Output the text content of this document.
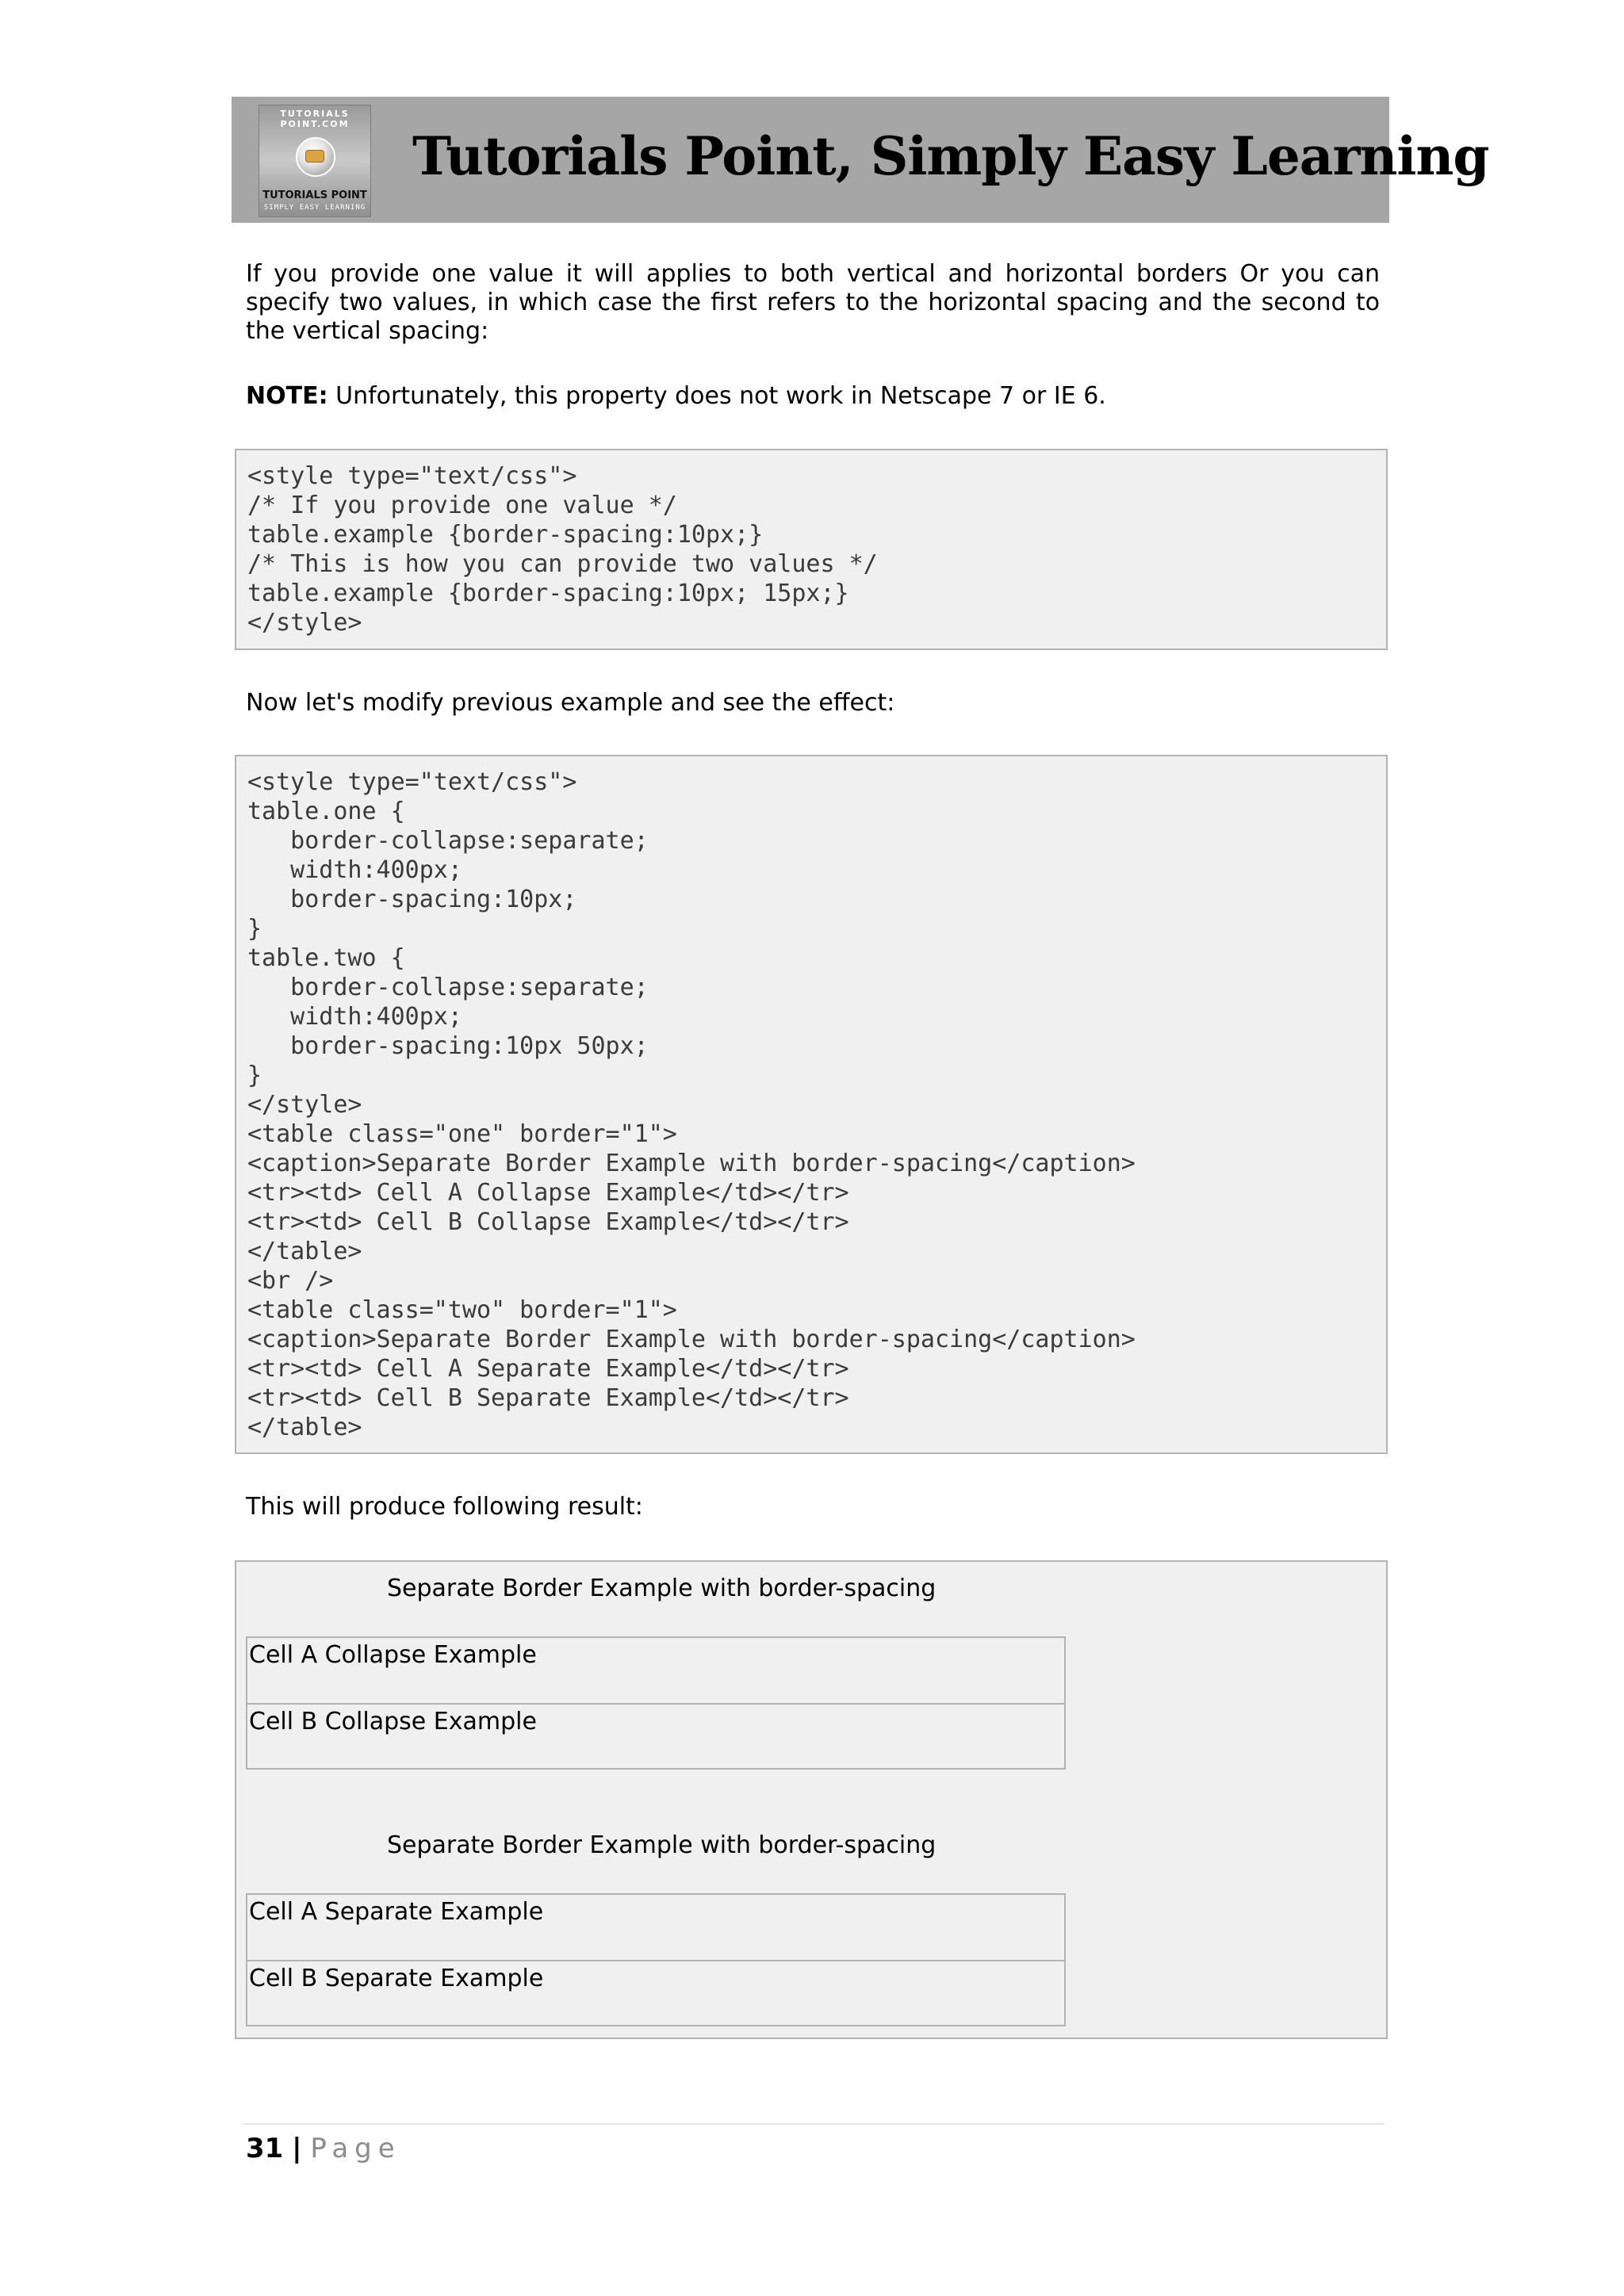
TUTORIALS POINT.COM
TUTORIALS POINT
SIMPLY EASY LEARNING
Tutorials Point, Simply Easy Learning

If you provide one value it will applies to both vertical and horizontal borders Or you can specify two values, in which case the first refers to the horizontal spacing and the second to the vertical spacing:

NOTE: Unfortunately, this property does not work in Netscape 7 or IE 6.

<style type="text/css">
/* If you provide one value */
table.example {border-spacing:10px;}
/* This is how you can provide two values */
table.example {border-spacing:10px; 15px;}
</style>

Now let's modify previous example and see the effect:

<style type="text/css">
table.one {
border-collapse:separate;
width:400px;
border-spacing:10px;
}
table.two {
border-collapse:separate;
width:400px;
border-spacing:10px 50px;
}
</style>
<table class="one" border="1">
<caption>Separate Border Example with border-spacing</caption>
<tr><td> Cell A Collapse Example</td></tr>
<tr><td> Cell B Collapse Example</td></tr>
</table>
<br />
<table class="two" border="1">
<caption>Separate Border Example with border-spacing</caption>
<tr><td> Cell A Separate Example</td></tr>
<tr><td> Cell B Separate Example</td></tr>
</table>

This will produce following result:

Separate Border Example with border-spacing
Cell A Collapse Example
Cell B Collapse Example
Separate Border Example with border-spacing
Cell A Separate Example
Cell B Separate Example
31 | Page
